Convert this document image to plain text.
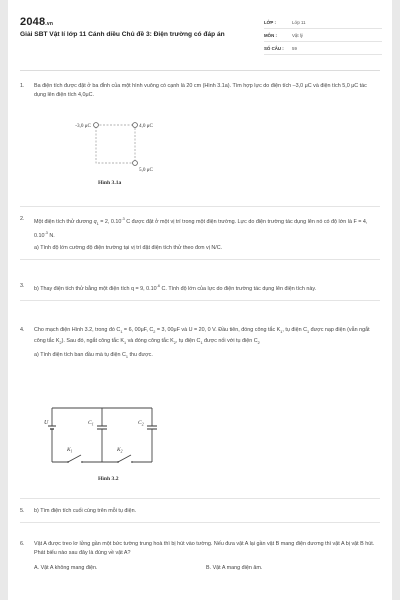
2048.vn
Giải SBT Vật lí lớp 11 Cánh diều Chủ đề 3: Điện trường có đáp án
LỚP :	Lớp 11
MÔN :	Vật lý
SỐ CÂU :	59
1.	Ba điện tích được đặt ở ba đỉnh của một hình vuông có cạnh là 20 cm (Hình 3.1a). Tìm hợp lực do điện tích –3,0 μC và điện tích 5,0 μC tác dụng lên điện tích 4,0μC.

-3,0 μC	4,0 μC
5,0 μC
Hình 3.1a
2.	Một điện tích thử dương $q_1 = 2$, $0.10^{-3}$ C được đặt ở một vị trí trong một điện trường. Lực do điện trường tác dụng lên nó có độ lớn là F = 4, $0.10^{-3}$ N.

a) Tính độ lớn cường độ điện trường tại vị trí đặt điện tích thử theo đơn vị N/C.

3.	b) Thay điện tích thử bằng một điện tích q = 9, $0.10^{-6}$ C. Tính độ lớn của lực do điện trường tác dụng lên điện tích này.

4.	Cho mạch điện Hình 3.2, trong đó $C_1 = 6$, 00μF, $C_2 = 3$, 00μF và U = 20, 0 V. Đầu tiên, đóng công tắc $K_1$, tụ điện $C_1$ được nạp điện (vẫn ngắt công tắc $K_2$). Sau đó, ngắt công tắc $K_1$ và đóng công tắc $K_2$, tụ điện $C_1$ được nối với tụ điện $C_2$

a) Tính điện tích ban đầu mà tụ điện $C_1$ thu được.

U	$C_1$	$C_2$
$K_1$	$K_2$
Hình 3.2
5.	b) Tìm điện tích cuối cùng trên mỗi tụ điện.

6.	Vật A được treo lơ lửng gần một bức tường trung hoà thì bị hút vào tường. Nếu đưa vật A lại gần vật B mang điện dương thì vật A bị vật B hút. Phát biểu nào sau đây là đúng về vật A?

A. Vật A không mang điện.	B. Vật A mang điện âm.
